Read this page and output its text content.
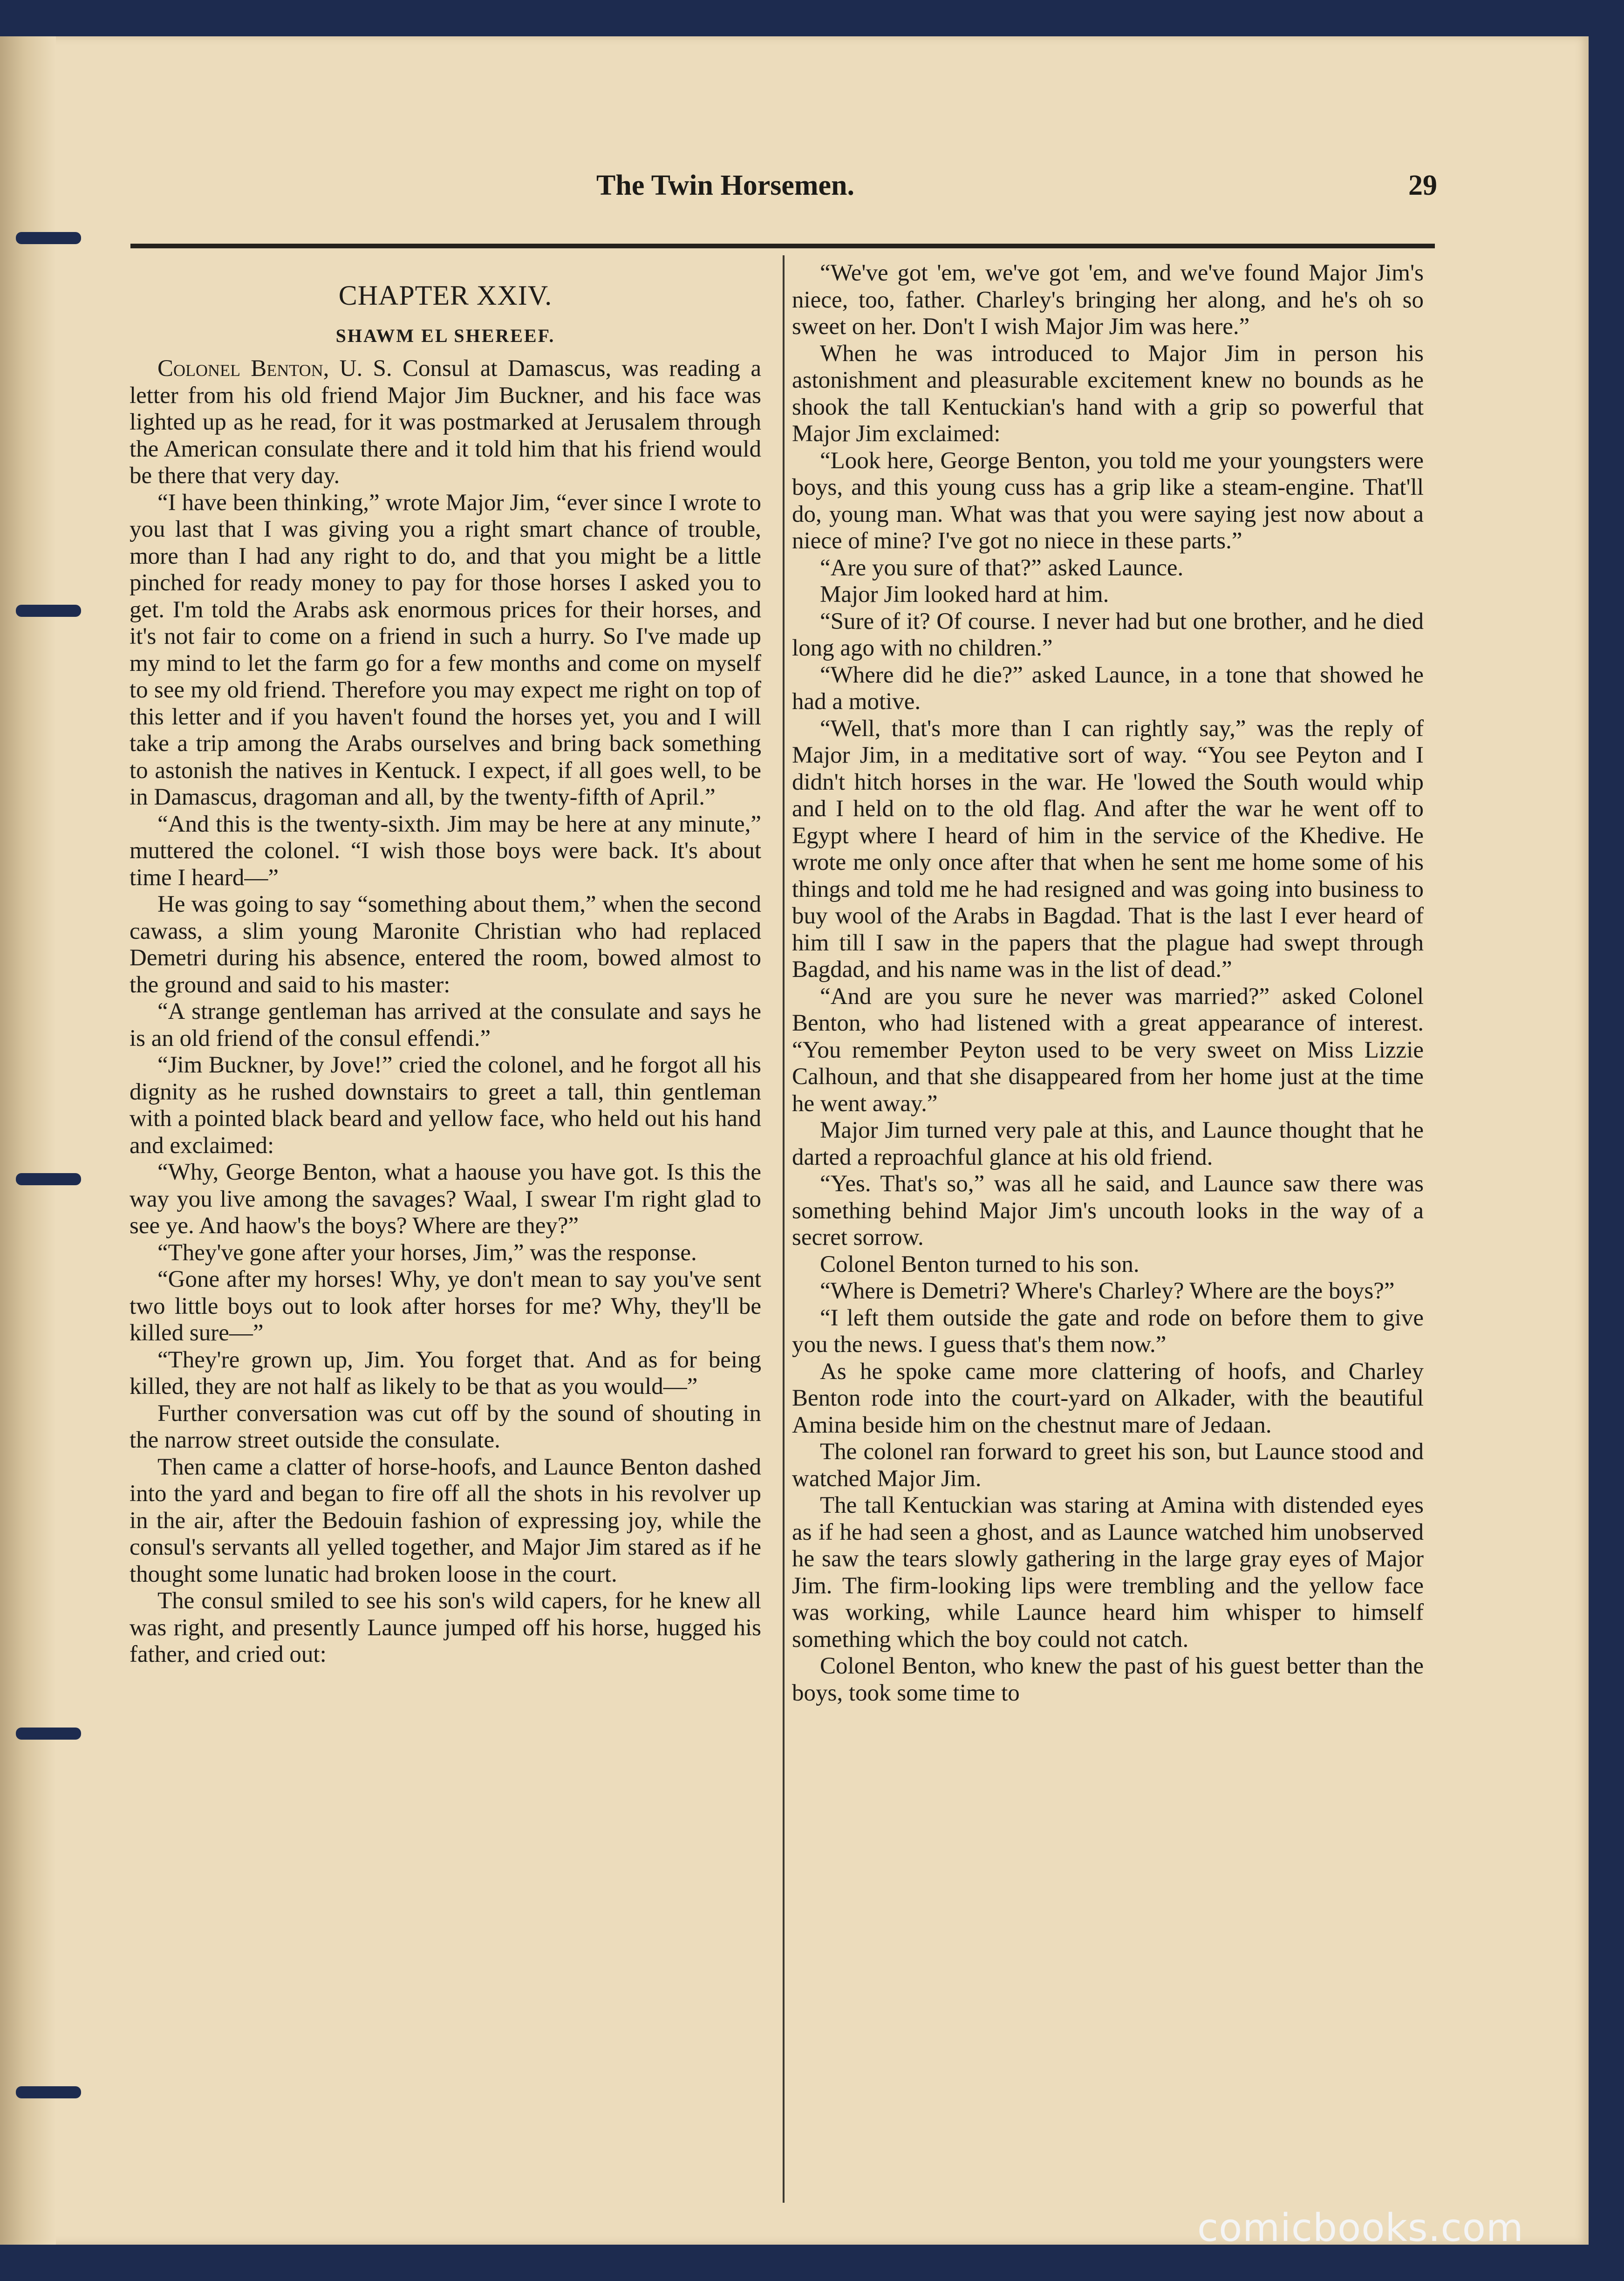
The Twin Horsemen.	29
CHAPTER XXIV.
SHAWM EL SHEREEF.

Colonel Benton, U. S. Consul at Damascus, was reading a letter from his old friend Major Jim Buckner, and his face was lighted up as he read, for it was postmarked at Jerusalem through the American consulate there and it told him that his friend would be there that very day.

“I have been thinking,” wrote Major Jim, “ever since I wrote to you last that I was giving you a right smart chance of trouble, more than I had any right to do, and that you might be a little pinched for ready money to pay for those horses I asked you to get. I'm told the Arabs ask enormous prices for their horses, and it's not fair to come on a friend in such a hurry. So I've made up my mind to let the farm go for a few months and come on myself to see my old friend. Therefore you may expect me right on top of this letter and if you haven't found the horses yet, you and I will take a trip among the Arabs ourselves and bring back something to astonish the natives in Kentuck. I expect, if all goes well, to be in Damascus, dragoman and all, by the twenty-fifth of April.”

“And this is the twenty-sixth. Jim may be here at any minute,” muttered the colonel. “I wish those boys were back. It's about time I heard—”

He was going to say “something about them,” when the second cawass, a slim young Maronite Christian who had replaced Demetri during his absence, entered the room, bowed almost to the ground and said to his master:

“A strange gentleman has arrived at the consulate and says he is an old friend of the consul effendi.”

“Jim Buckner, by Jove!” cried the colonel, and he forgot all his dignity as he rushed downstairs to greet a tall, thin gentleman with a pointed black beard and yellow face, who held out his hand and exclaimed:

“Why, George Benton, what a haouse you have got. Is this the way you live among the savages? Waal, I swear I'm right glad to see ye. And haow's the boys? Where are they?”

“They've gone after your horses, Jim,” was the response.

“Gone after my horses! Why, ye don't mean to say you've sent two little boys out to look after horses for me? Why, they'll be killed sure—”

“They're grown up, Jim. You forget that. And as for being killed, they are not half as likely to be that as you would—”

Further conversation was cut off by the sound of shouting in the narrow street outside the consulate.

Then came a clatter of horse-hoofs, and Launce Benton dashed into the yard and began to fire off all the shots in his revolver up in the air, after the Bedouin fashion of expressing joy, while the consul's servants all yelled together, and Major Jim stared as if he thought some lunatic had broken loose in the court.

The consul smiled to see his son's wild capers, for he knew all was right, and presently Launce jumped off his horse, hugged his father, and cried out:

“We've got 'em, we've got 'em, and we've found Major Jim's niece, too, father. Charley's bringing her along, and he's oh so sweet on her. Don't I wish Major Jim was here.”

When he was introduced to Major Jim in person his astonishment and pleasurable excitement knew no bounds as he shook the tall Kentuckian's hand with a grip so powerful that Major Jim exclaimed:

“Look here, George Benton, you told me your youngsters were boys, and this young cuss has a grip like a steam-engine. That'll do, young man. What was that you were saying jest now about a niece of mine? I've got no niece in these parts.”

“Are you sure of that?” asked Launce.

Major Jim looked hard at him.

“Sure of it? Of course. I never had but one brother, and he died long ago with no children.”

“Where did he die?” asked Launce, in a tone that showed he had a motive.

“Well, that's more than I can rightly say,” was the reply of Major Jim, in a meditative sort of way. “You see Peyton and I didn't hitch horses in the war. He 'lowed the South would whip and I held on to the old flag. And after the war he went off to Egypt where I heard of him in the service of the Khedive. He wrote me only once after that when he sent me home some of his things and told me he had resigned and was going into business to buy wool of the Arabs in Bagdad. That is the last I ever heard of him till I saw in the papers that the plague had swept through Bagdad, and his name was in the list of dead.”

“And are you sure he never was married?” asked Colonel Benton, who had listened with a great appearance of interest. “You remember Peyton used to be very sweet on Miss Lizzie Calhoun, and that she disappeared from her home just at the time he went away.”

Major Jim turned very pale at this, and Launce thought that he darted a reproachful glance at his old friend.

“Yes. That's so,” was all he said, and Launce saw there was something behind Major Jim's uncouth looks in the way of a secret sorrow.

Colonel Benton turned to his son.

“Where is Demetri? Where's Charley? Where are the boys?”

“I left them outside the gate and rode on before them to give you the news. I guess that's them now.”

As he spoke came more clattering of hoofs, and Charley Benton rode into the court-yard on Alkader, with the beautiful Amina beside him on the chestnut mare of Jedaan.

The colonel ran forward to greet his son, but Launce stood and watched Major Jim.

The tall Kentuckian was staring at Amina with distended eyes as if he had seen a ghost, and as Launce watched him unobserved he saw the tears slowly gathering in the large gray eyes of Major Jim. The firm-looking lips were trembling and the yellow face was working, while Launce heard him whisper to himself something which the boy could not catch.

Colonel Benton, who knew the past of his guest better than the boys, took some time to

comicbooks.com
